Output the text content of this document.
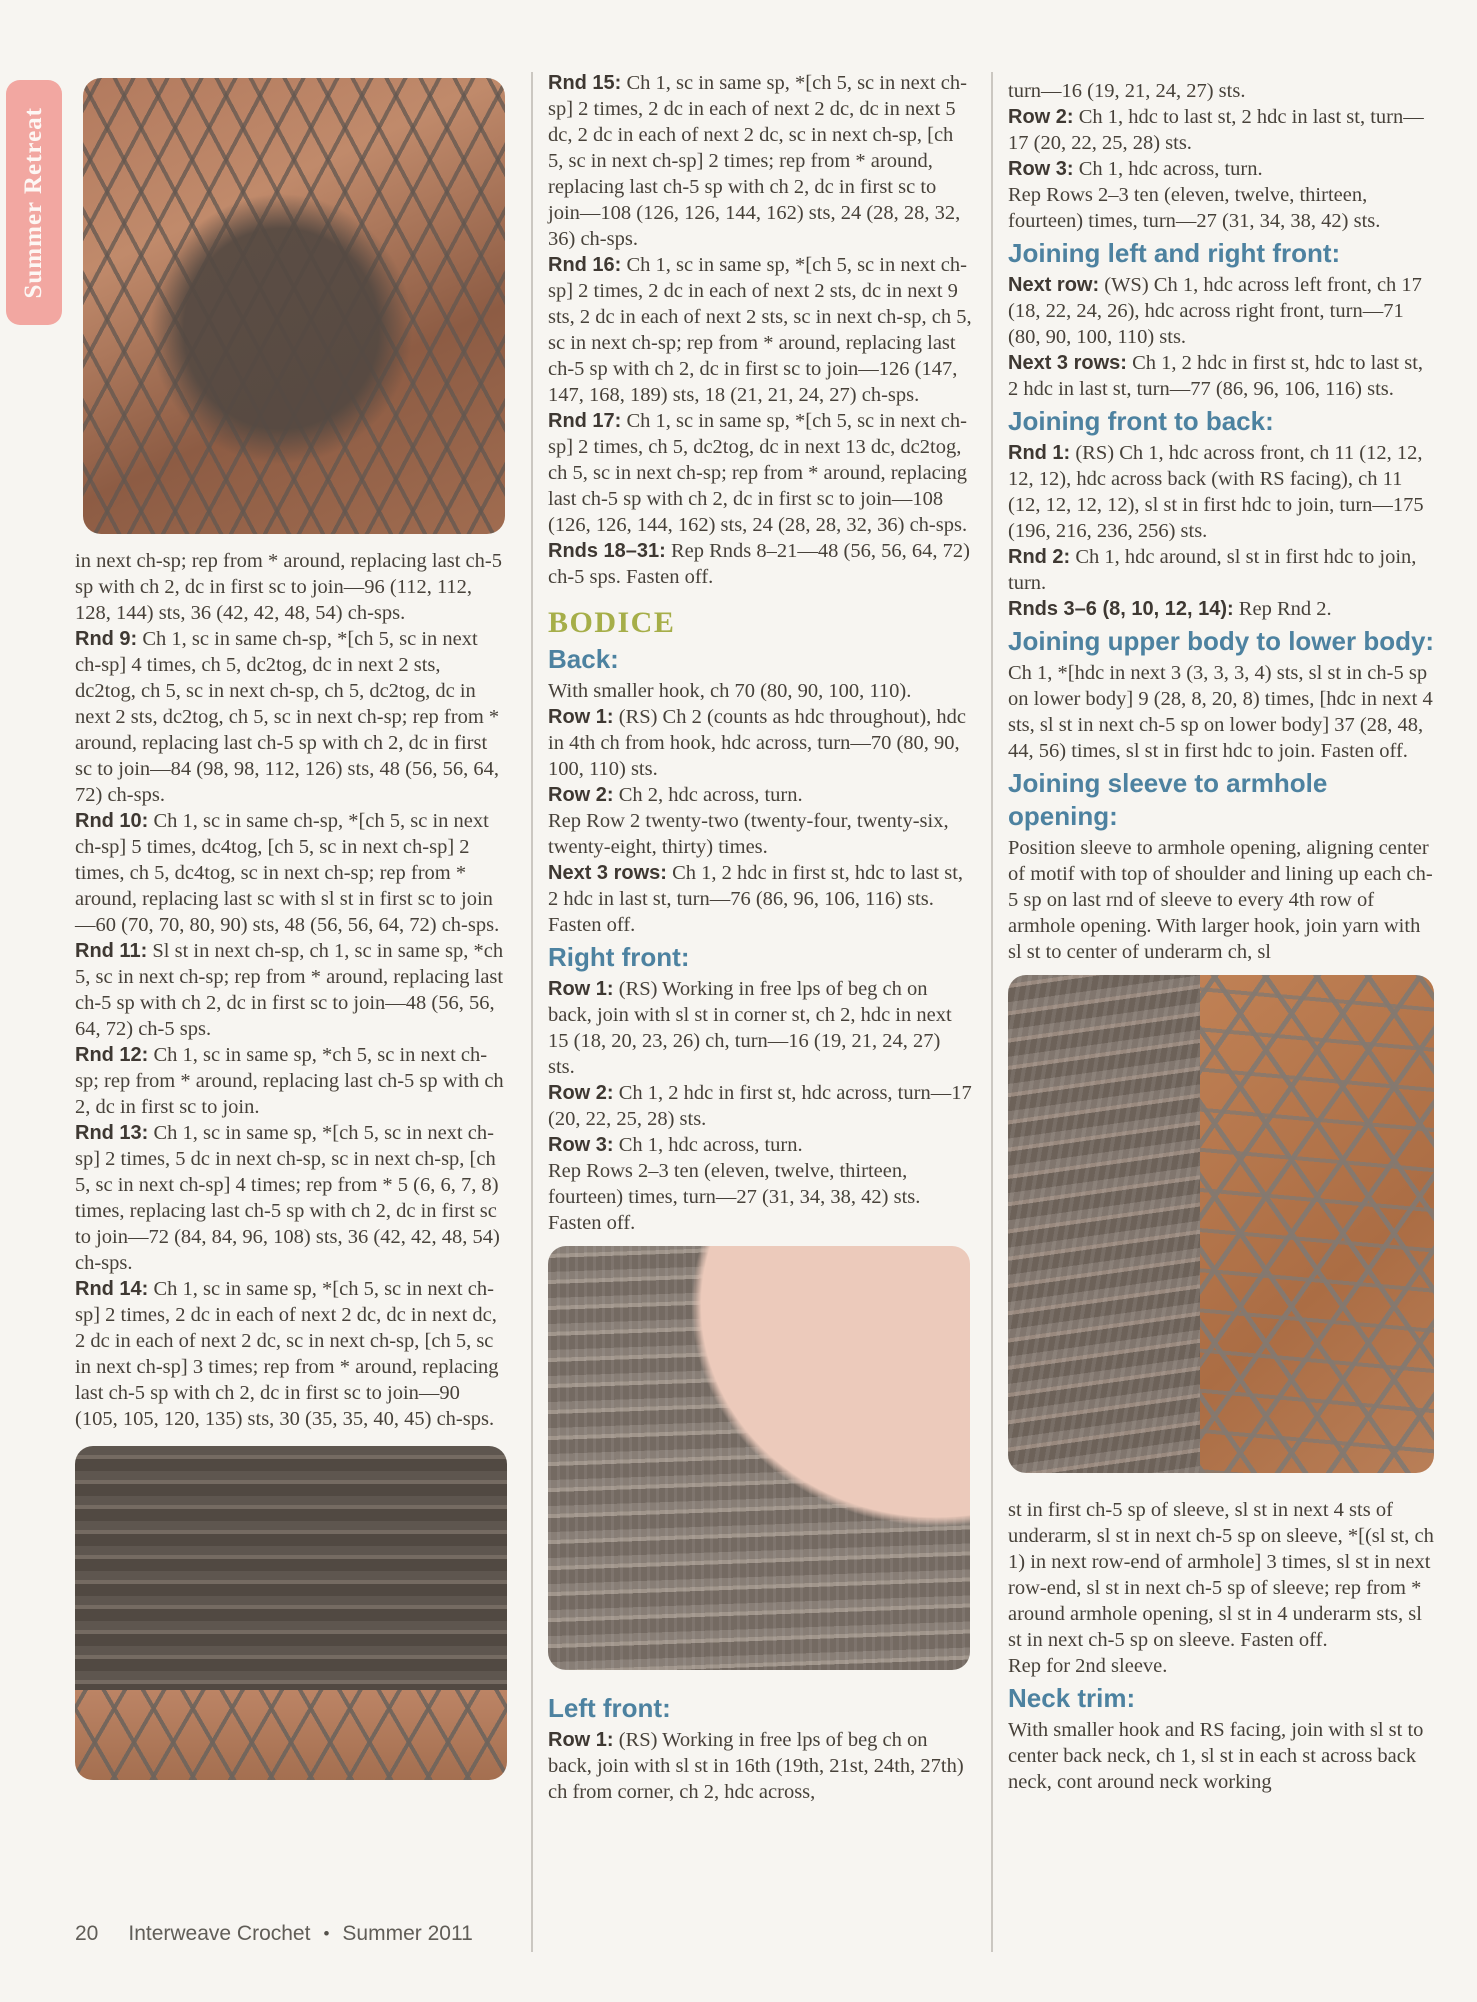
Summer Retreat

in next ch-sp; rep from * around, replacing last ch-5 sp with ch 2, dc in first sc to join—96 (112, 112, 128, 144) sts, 36 (42, 42, 48, 54) ch-sps.

Rnd 9: Ch 1, sc in same ch-sp, *[ch 5, sc in next ch-sp] 4 times, ch 5, dc2tog, dc in next 2 sts, dc2tog, ch 5, sc in next ch-sp, ch 5, dc2tog, dc in next 2 sts, dc2tog, ch 5, sc in next ch-sp; rep from * around, replacing last ch-5 sp with ch 2, dc in first sc to join—84 (98, 98, 112, 126) sts, 48 (56, 56, 64, 72) ch-sps.

Rnd 10: Ch 1, sc in same ch-sp, *[ch 5, sc in next ch-sp] 5 times, dc4tog, [ch 5, sc in next ch-sp] 2 times, ch 5, dc4tog, sc in next ch-sp; rep from * around, replacing last sc with sl st in first sc to join—60 (70, 70, 80, 90) sts, 48 (56, 56, 64, 72) ch-sps.

Rnd 11: Sl st in next ch-sp, ch 1, sc in same sp, *ch 5, sc in next ch-sp; rep from * around, replacing last ch-5 sp with ch 2, dc in first sc to join—48 (56, 56, 64, 72) ch-5 sps.

Rnd 12: Ch 1, sc in same sp, *ch 5, sc in next ch-sp; rep from * around, replacing last ch-5 sp with ch 2, dc in first sc to join.

Rnd 13: Ch 1, sc in same sp, *[ch 5, sc in next ch-sp] 2 times, 5 dc in next ch-sp, sc in next ch-sp, [ch 5, sc in next ch-sp] 4 times; rep from * 5 (6, 6, 7, 8) times, replacing last ch-5 sp with ch 2, dc in first sc to join—72 (84, 84, 96, 108) sts, 36 (42, 42, 48, 54) ch-sps.

Rnd 14: Ch 1, sc in same sp, *[ch 5, sc in next ch-sp] 2 times, 2 dc in each of next 2 dc, dc in next dc, 2 dc in each of next 2 dc, sc in next ch-sp, [ch 5, sc in next ch-sp] 3 times; rep from * around, replacing last ch-5 sp with ch 2, dc in first sc to join—90 (105, 105, 120, 135) sts, 30 (35, 35, 40, 45) ch-sps.

Rnd 15: Ch 1, sc in same sp, *[ch 5, sc in next ch-sp] 2 times, 2 dc in each of next 2 dc, dc in next 5 dc, 2 dc in each of next 2 dc, sc in next ch-sp, [ch 5, sc in next ch-sp] 2 times; rep from * around, replacing last ch-5 sp with ch 2, dc in first sc to join—108 (126, 126, 144, 162) sts, 24 (28, 28, 32, 36) ch-sps.

Rnd 16: Ch 1, sc in same sp, *[ch 5, sc in next ch-sp] 2 times, 2 dc in each of next 2 sts, dc in next 9 sts, 2 dc in each of next 2 sts, sc in next ch-sp, ch 5, sc in next ch-sp; rep from * around, replacing last ch-5 sp with ch 2, dc in first sc to join—126 (147, 147, 168, 189) sts, 18 (21, 21, 24, 27) ch-sps.

Rnd 17: Ch 1, sc in same sp, *[ch 5, sc in next ch-sp] 2 times, ch 5, dc2tog, dc in next 13 dc, dc2tog, ch 5, sc in next ch-sp; rep from * around, replacing last ch-5 sp with ch 2, dc in first sc to join—108 (126, 126, 144, 162) sts, 24 (28, 28, 32, 36) ch-sps.

Rnds 18–31: Rep Rnds 8–21—48 (56, 56, 64, 72) ch-5 sps. Fasten off.

BODICE
Back:

With smaller hook, ch 70 (80, 90, 100, 110).

Row 1: (RS) Ch 2 (counts as hdc throughout), hdc in 4th ch from hook, hdc across, turn—70 (80, 90, 100, 110) sts.

Row 2: Ch 2, hdc across, turn.

Rep Row 2 twenty-two (twenty-four, twenty-six, twenty-eight, thirty) times.

Next 3 rows: Ch 1, 2 hdc in first st, hdc to last st, 2 hdc in last st, turn—76 (86, 96, 106, 116) sts. Fasten off.

Right front:

Row 1: (RS) Working in free lps of beg ch on back, join with sl st in corner st, ch 2, hdc in next 15 (18, 20, 23, 26) ch, turn—16 (19, 21, 24, 27) sts.

Row 2: Ch 1, 2 hdc in first st, hdc across, turn—17 (20, 22, 25, 28) sts.

Row 3: Ch 1, hdc across, turn.

Rep Rows 2–3 ten (eleven, twelve, thirteen, fourteen) times, turn—27 (31, 34, 38, 42) sts. Fasten off.

Left front:

Row 1: (RS) Working in free lps of beg ch on back, join with sl st in 16th (19th, 21st, 24th, 27th) ch from corner, ch 2, hdc across,

turn—16 (19, 21, 24, 27) sts.

Row 2: Ch 1, hdc to last st, 2 hdc in last st, turn—17 (20, 22, 25, 28) sts.

Row 3: Ch 1, hdc across, turn.

Rep Rows 2–3 ten (eleven, twelve, thirteen, fourteen) times, turn—27 (31, 34, 38, 42) sts.

Joining left and right front:

Next row: (WS) Ch 1, hdc across left front, ch 17 (18, 22, 24, 26), hdc across right front, turn—71 (80, 90, 100, 110) sts.

Next 3 rows: Ch 1, 2 hdc in first st, hdc to last st, 2 hdc in last st, turn—77 (86, 96, 106, 116) sts.

Joining front to back:

Rnd 1: (RS) Ch 1, hdc across front, ch 11 (12, 12, 12, 12), hdc across back (with RS facing), ch 11 (12, 12, 12, 12), sl st in first hdc to join, turn—175 (196, 216, 236, 256) sts.

Rnd 2: Ch 1, hdc around, sl st in first hdc to join, turn.

Rnds 3–6 (8, 10, 12, 14): Rep Rnd 2.

Joining upper body to lower body:

Ch 1, *[hdc in next 3 (3, 3, 3, 4) sts, sl st in ch-5 sp on lower body] 9 (28, 8, 20, 8) times, [hdc in next 4 sts, sl st in next ch-5 sp on lower body] 37 (28, 48, 44, 56) times, sl st in first hdc to join. Fasten off.

Joining sleeve to armhole opening:

Position sleeve to armhole opening, aligning center of motif with top of shoulder and lining up each ch-5 sp on last rnd of sleeve to every 4th row of armhole opening. With larger hook, join yarn with sl st to center of underarm ch, sl

st in first ch-5 sp of sleeve, sl st in next 4 sts of underarm, sl st in next ch-5 sp on sleeve, *[(sl st, ch 1) in next row-end of armhole] 3 times, sl st in next row-end, sl st in next ch-5 sp of sleeve; rep from * around armhole opening, sl st in 4 underarm sts, sl st in next ch-5 sp on sleeve. Fasten off.

Rep for 2nd sleeve.

Neck trim:

With smaller hook and RS facing, join with sl st to center back neck, ch 1, sl st in each st across back neck, cont around neck working

20 Interweave Crochet • Summer 2011
